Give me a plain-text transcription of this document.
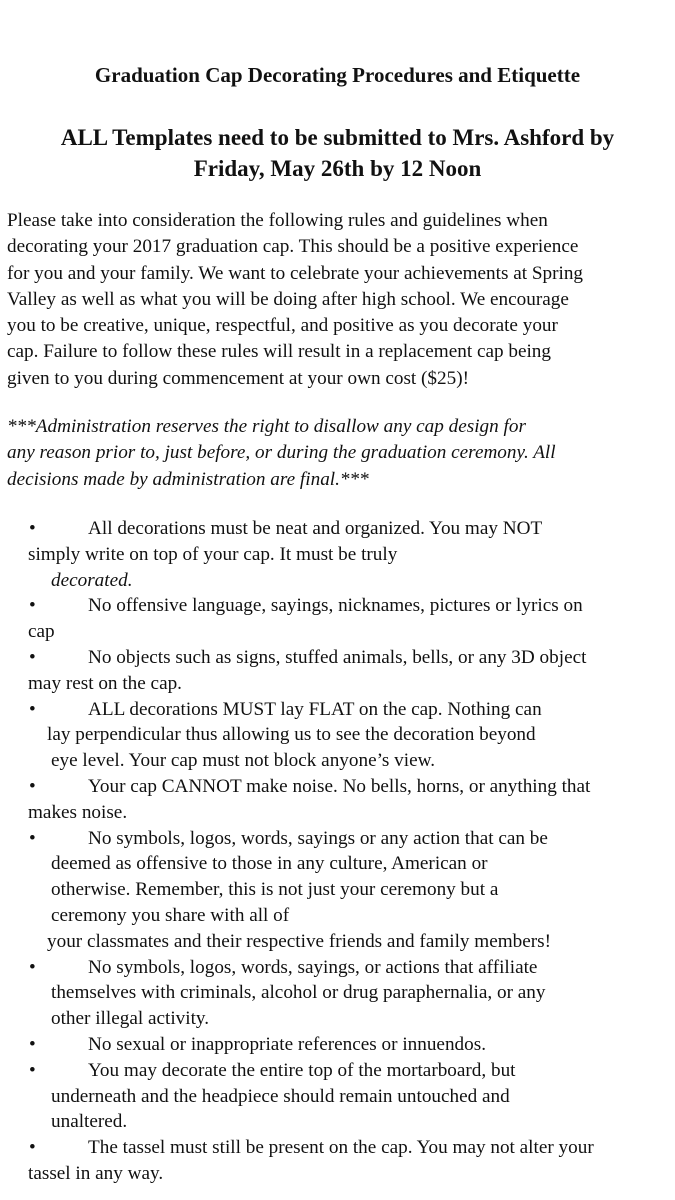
Graduation Cap Decorating Procedures and Etiquette
ALL Templates need to be submitted to Mrs. Ashford by
Friday, May 26th by 12 Noon

Please take into consideration the following rules and guidelines when
decorating your 2017 graduation cap. This should be a positive experience
for you and your family. We want to celebrate your achievements at Spring
Valley as well as what you will be doing after high school. We encourage
you to be creative, unique, respectful, and positive as you decorate your
cap. Failure to follow these rules will result in a replacement cap being
given to you during commencement at your own cost ($25)!

***Administration reserves the right to disallow any cap design for
any reason prior to, just before, or during the graduation ceremony. All
decisions made by administration are final.***

•	All decorations must be neat and organized. You may NOT
simply write on top of your cap. It must be truly
decorated.
•	No offensive language, sayings, nicknames, pictures or lyrics on
cap
•	No objects such as signs, stuffed animals, bells, or any 3D object
may rest on the cap.
•	ALL decorations MUST lay FLAT on the cap. Nothing can
lay perpendicular thus allowing us to see the decoration beyond
eye level. Your cap must not block anyone’s view.
•	Your cap CANNOT make noise. No bells, horns, or anything that
makes noise.
•	No symbols, logos, words, sayings or any action that can be
deemed as offensive to those in any culture, American or
otherwise. Remember, this is not just your ceremony but a
ceremony you share with all of
your classmates and their respective friends and family members!
•	No symbols, logos, words, sayings, or actions that affiliate
themselves with criminals, alcohol or drug paraphernalia, or any
other illegal activity.
•	No sexual or inappropriate references or innuendos.
•	You may decorate the entire top of the mortarboard, but
underneath and the headpiece should remain untouched and
unaltered.
•	The tassel must still be present on the cap. You may not alter your
tassel in any way.
